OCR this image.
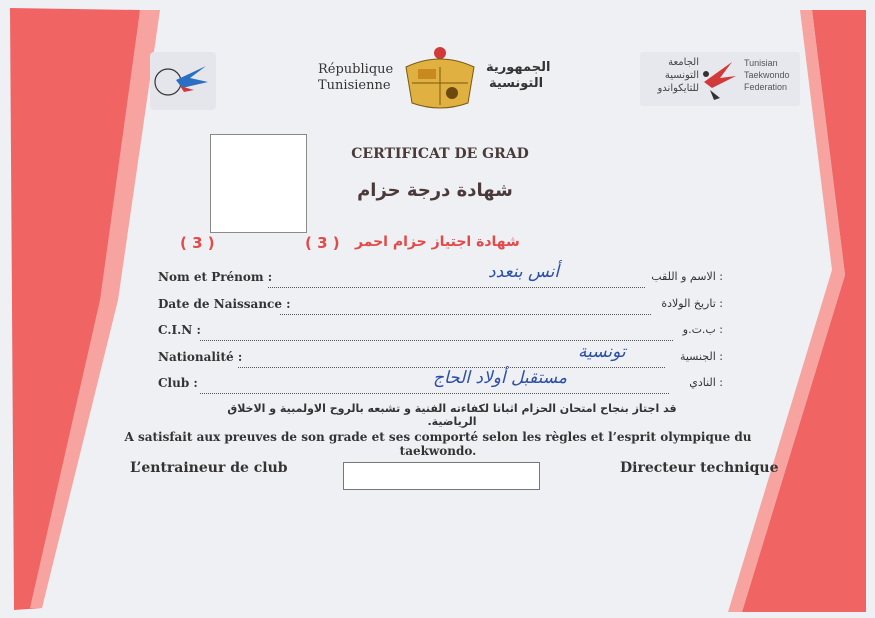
République
Tunisienne
الجمهورية
التونسية
الجامعة
التونسية
للتايكواندو
Tunisian
Taekwondo
Federation
CERTIFICAT DE GRAD
شهادة درجة حزام
( 3 )	( 3 ) شهادة اجتياز حزام احمر
Nom et Prénom :	أنس بنعدد	الاسم و اللقب :
Date de Naissance :	تاريخ الولادة :
C.I.N :	ب.ت.و :
Nationalité :	تونسية	الجنسية :
Club :	مستقبل أولاد الحاج	النادي :
قد اجتاز بنجاح امتحان الحزام اثباتا لكفاءته الفنية و تشبعه بالروح الاولمبية و الاخلاق الرياضية.
A satisfait aux preuves de son grade et ses comporté selon les règles et l’esprit olympique du taekwondo.
L’entraineur de club	Directeur technique
